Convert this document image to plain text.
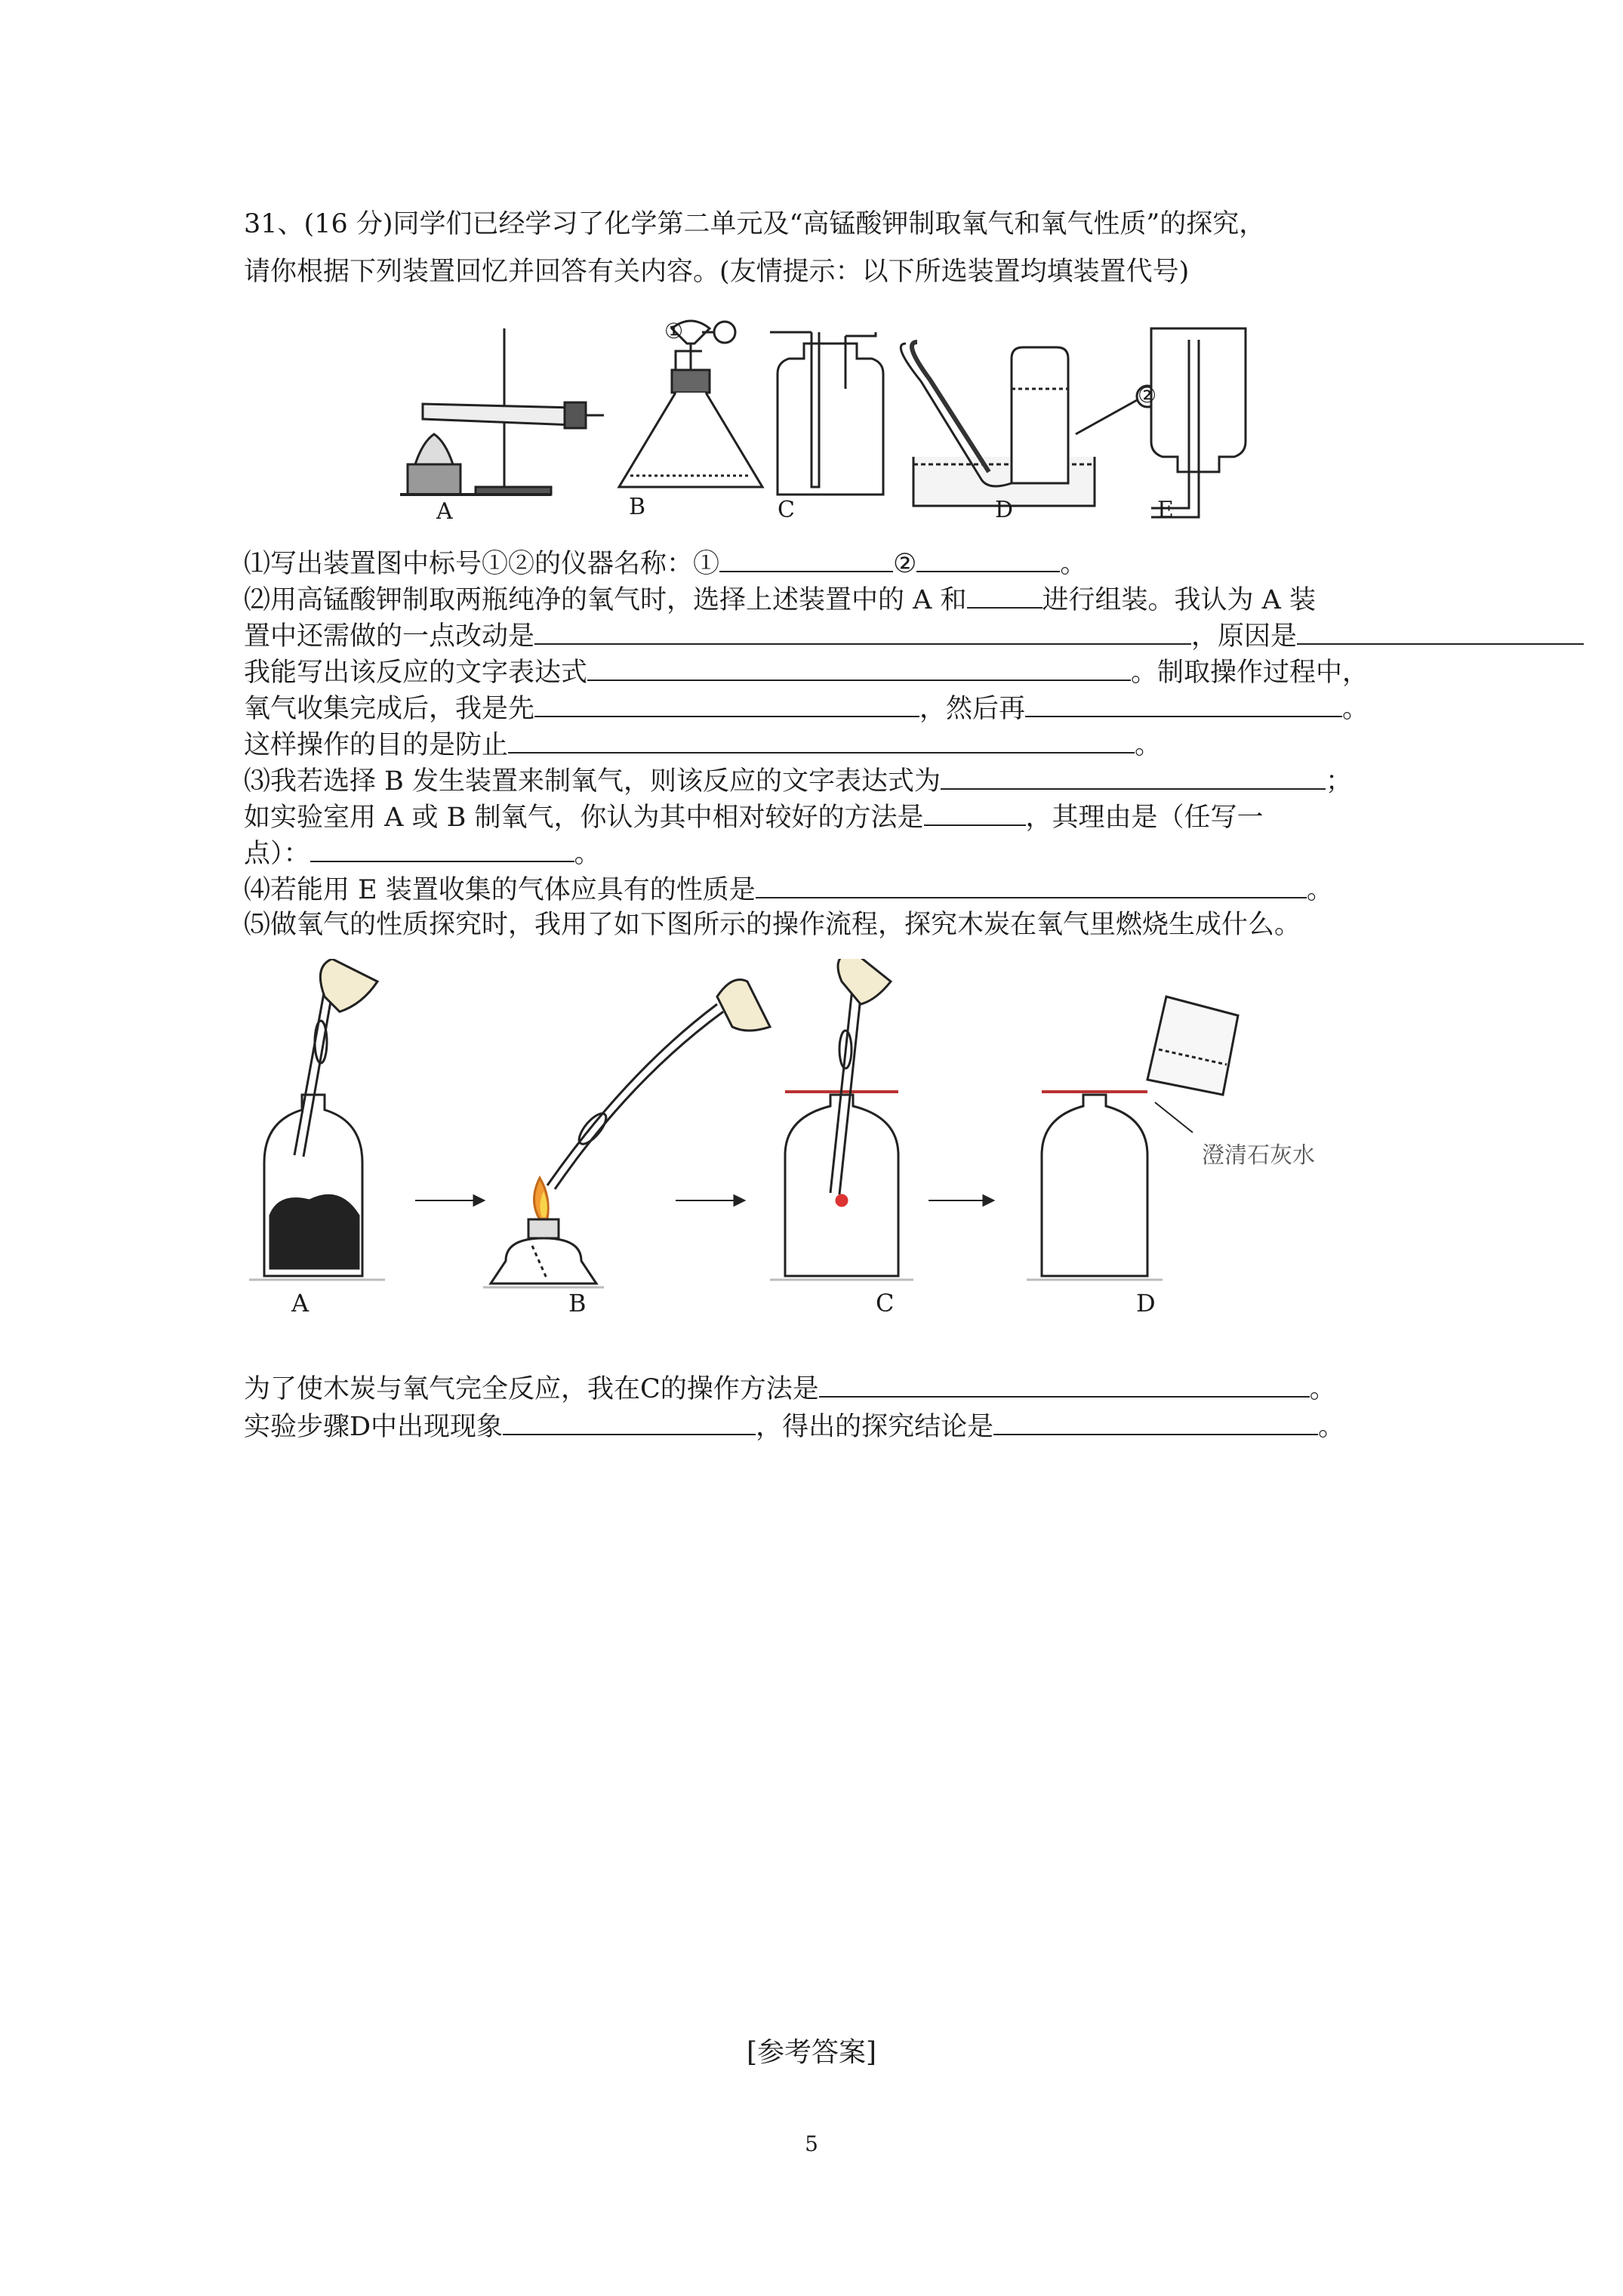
31、(16 分)同学们已经学习了化学第二单元及“高锰酸钾制取氧气和氧气性质”的探究，
请你根据下列装置回忆并回答有关内容。(友情提示：以下所选装置均填装置代号)
A	B	C	D	E
①
②
⑴写出装置图中标号①②的仪器名称：①	②	。
⑵用高锰酸钾制取两瓶纯净的氧气时，选择上述装置中的 A 和	进行组装。我认为 A 装
置中还需做的一点改动是	，原因是
我能写出该反应的文字表达式	。制取操作过程中，
氧气收集完成后，我是先	，然后再	。
这样操作的目的是防止	。
⑶我若选择 B 发生装置来制氧气，则该反应的文字表达式为	；
如实验室用 A 或 B 制氧气，你认为其中相对较好的方法是	，其理由是（任写一
点）：	。
⑷若能用 E 装置收集的气体应具有的性质是	。
⑸做氧气的性质探究时，我用了如下图所示的操作流程，探究木炭在氧气里燃烧生成什么。
A	B	C	D
澄清石灰水
为了使木炭与氧气完全反应，我在C的操作方法是	。
实验步骤D中出现现象	，得出的探究结论是	。
[参考答案]
5
